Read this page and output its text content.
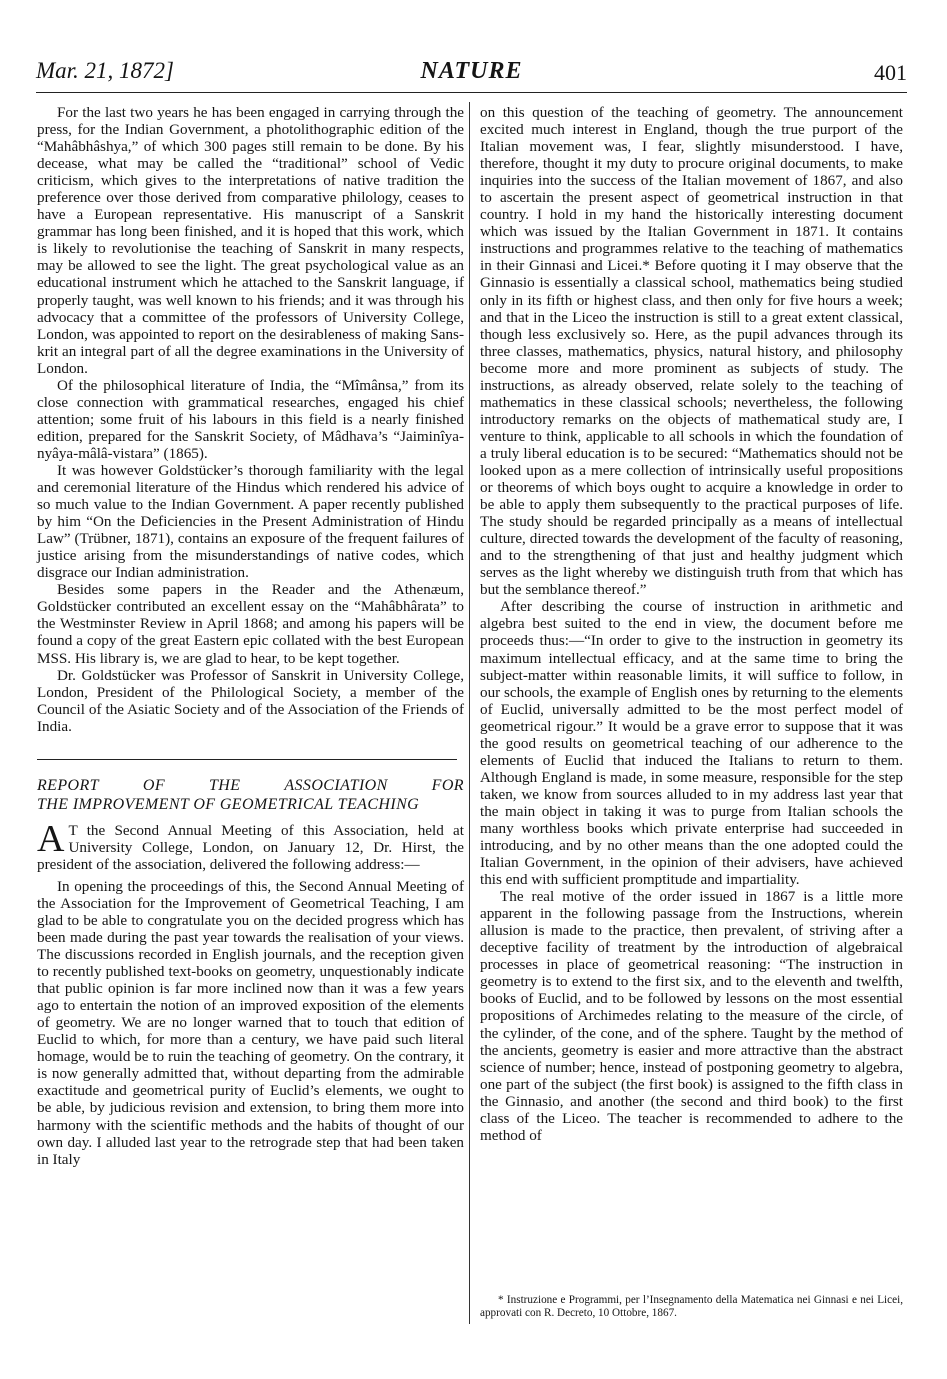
Mar. 21, 1872]	NATURE	401

For the last two years he has been engaged in carrying through the press, for the Indian Government, a photolithographic edition of the “Mahâbhâshya,” of which 300 pages still remain to be done. By his decease, what may be called the “traditional” school of Vedic criticism, which gives to the interpretations of native tradition the preference over those derived from comparative philology, ceases to have a European representative. His manuscript of a Sanskrit grammar has long been finished, and it is hoped that this work, which is likely to revolutionise the teaching of Sanskrit in many respects, may be allowed to see the light. The great psychological value as an educational instrument which he attached to the Sanskrit language, if properly taught, was well known to his friends; and it was through his advocacy that a committee of the professors of University College, London, was appointed to report on the desirableness of making Sanskrit an integral part of all the degree examinations in the University of London.

Of the philosophical literature of India, the “Mîmânsa,” from its close connection with grammatical researches, engaged his chief attention; some fruit of his labours in this field is a nearly finished edition, prepared for the Sanskrit Society, of Mâdhava’s “Jaiminîya-nyâya-mâlâ-vistara” (1865).

It was however Goldstücker’s thorough familiarity with the legal and ceremonial literature of the Hindus which rendered his advice of so much value to the Indian Government. A paper recently published by him “On the Deficiencies in the Present Administration of Hindu Law” (Trübner, 1871), contains an exposure of the frequent failures of justice arising from the misunderstandings of native codes, which disgrace our Indian administration.

Besides some papers in the Reader and the Athenæum, Goldstücker contributed an excellent essay on the “Mahâbhârata” to the Westminster Review in April 1868; and among his papers will be found a copy of the great Eastern epic collated with the best European MSS. His library is, we are glad to hear, to be kept together.

Dr. Goldstücker was Professor of Sanskrit in University College, London, President of the Philological Society, a member of the Council of the Asiatic Society and of the Association of the Friends of India.

REPORT	OF	THE	ASSOCIATION	FOR
THE IMPROVEMENT OF GEOMETRICAL TEACHING

A T the Second Annual Meeting of this Association, held at University College, London, on January 12, Dr. Hirst, the president of the association, delivered the following address:—

In opening the proceedings of this, the Second Annual Meeting of the Association for the Improvement of Geometrical Teaching, I am glad to be able to congratulate you on the decided progress which has been made during the past year towards the realisation of your views. The discussions recorded in English journals, and the reception given to recently published text-books on geometry, unquestionably indicate that public opinion is far more inclined now than it was a few years ago to entertain the notion of an improved exposition of the elements of geometry. We are no longer warned that to touch that edition of Euclid to which, for more than a century, we have paid such literal homage, would be to ruin the teaching of geometry. On the contrary, it is now generally admitted that, without departing from the admirable exactitude and geometrical purity of Euclid’s elements, we ought to be able, by judicious revision and extension, to bring them more into harmony with the scientific methods and the habits of thought of our own day. I alluded last year to the retrograde step that had been taken in Italy

on this question of the teaching of geometry. The announcement excited much interest in England, though the true purport of the Italian movement was, I fear, slightly misunderstood. I have, therefore, thought it my duty to procure original documents, to make inquiries into the success of the Italian movement of 1867, and also to ascertain the present aspect of geometrical instruction in that country. I hold in my hand the historically interesting document which was issued by the Italian Government in 1871. It contains instructions and programmes relative to the teaching of mathematics in their Ginnasi and Licei.* Before quoting it I may observe that the Ginnasio is essentially a classical school, mathematics being studied only in its fifth or highest class, and then only for five hours a week; and that in the Liceo the instruction is still to a great extent classical, though less exclusively so. Here, as the pupil advances through its three classes, mathematics, physics, natural history, and philosophy become more and more prominent as subjects of study. The instructions, as already observed, relate solely to the teaching of mathematics in these classical schools; nevertheless, the following introductory remarks on the objects of mathematical study are, I venture to think, applicable to all schools in which the foundation of a truly liberal education is to be secured: “Mathematics should not be looked upon as a mere collection of intrinsically useful propositions or theorems of which boys ought to acquire a knowledge in order to be able to apply them subsequently to the practical purposes of life. The study should be regarded principally as a means of intellectual culture, directed towards the development of the faculty of reasoning, and to the strengthening of that just and healthy judgment which serves as the light whereby we distinguish truth from that which has but the semblance thereof.”

After describing the course of instruction in arithmetic and algebra best suited to the end in view, the document before me proceeds thus:—“In order to give to the instruction in geometry its maximum intellectual efficacy, and at the same time to bring the subject-matter within reasonable limits, it will suffice to follow, in our schools, the example of English ones by returning to the elements of Euclid, universally admitted to be the most perfect model of geometrical rigour.” It would be a grave error to suppose that it was the good results on geometrical teaching of our adherence to the elements of Euclid that induced the Italians to return to them. Although England is made, in some measure, responsible for the step taken, we know from sources alluded to in my address last year that the main object in taking it was to purge from Italian schools the many worthless books which private enterprise had succeeded in introducing, and by no other means than the one adopted could the Italian Government, in the opinion of their advisers, have achieved this end with sufficient promptitude and impartiality.

The real motive of the order issued in 1867 is a little more apparent in the following passage from the Instructions, wherein allusion is made to the practice, then prevalent, of striving after a deceptive facility of treatment by the introduction of algebraical processes in place of geometrical reasoning: “The instruction in geometry is to extend to the first six, and to the eleventh and twelfth, books of Euclid, and to be followed by lessons on the most essential propositions of Archimedes relating to the measure of the circle, of the cylinder, of the cone, and of the sphere. Taught by the method of the ancients, geometry is easier and more attractive than the abstract science of number; hence, instead of postponing geometry to algebra, one part of the subject (the first book) is assigned to the fifth class in the Ginnasio, and another (the second and third book) to the first class of the Liceo. The teacher is recommended to adhere to the method of

* Instruzione e Programmi, per l’Insegnamento della Matematica nei Ginnasi e nei Licei, approvati con R. Decreto, 10 Ottobre, 1867.
